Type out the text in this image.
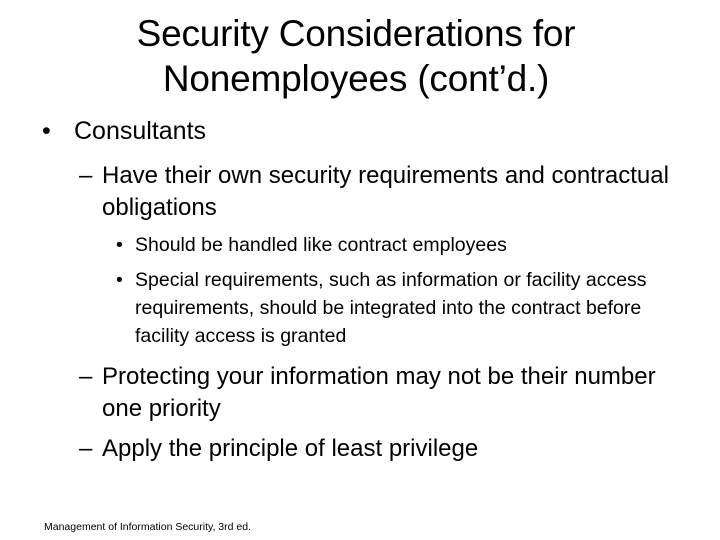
Security Considerations for
Nonemployees (cont’d.)
• Consultants
– Have their own security requirements and contractual obligations
• Should be handled like contract employees
• Special requirements, such as information or facility access requirements, should be integrated into the contract before facility access is granted
– Protecting your information may not be their number one priority
– Apply the principle of least privilege
Management of Information Security, 3rd ed.
